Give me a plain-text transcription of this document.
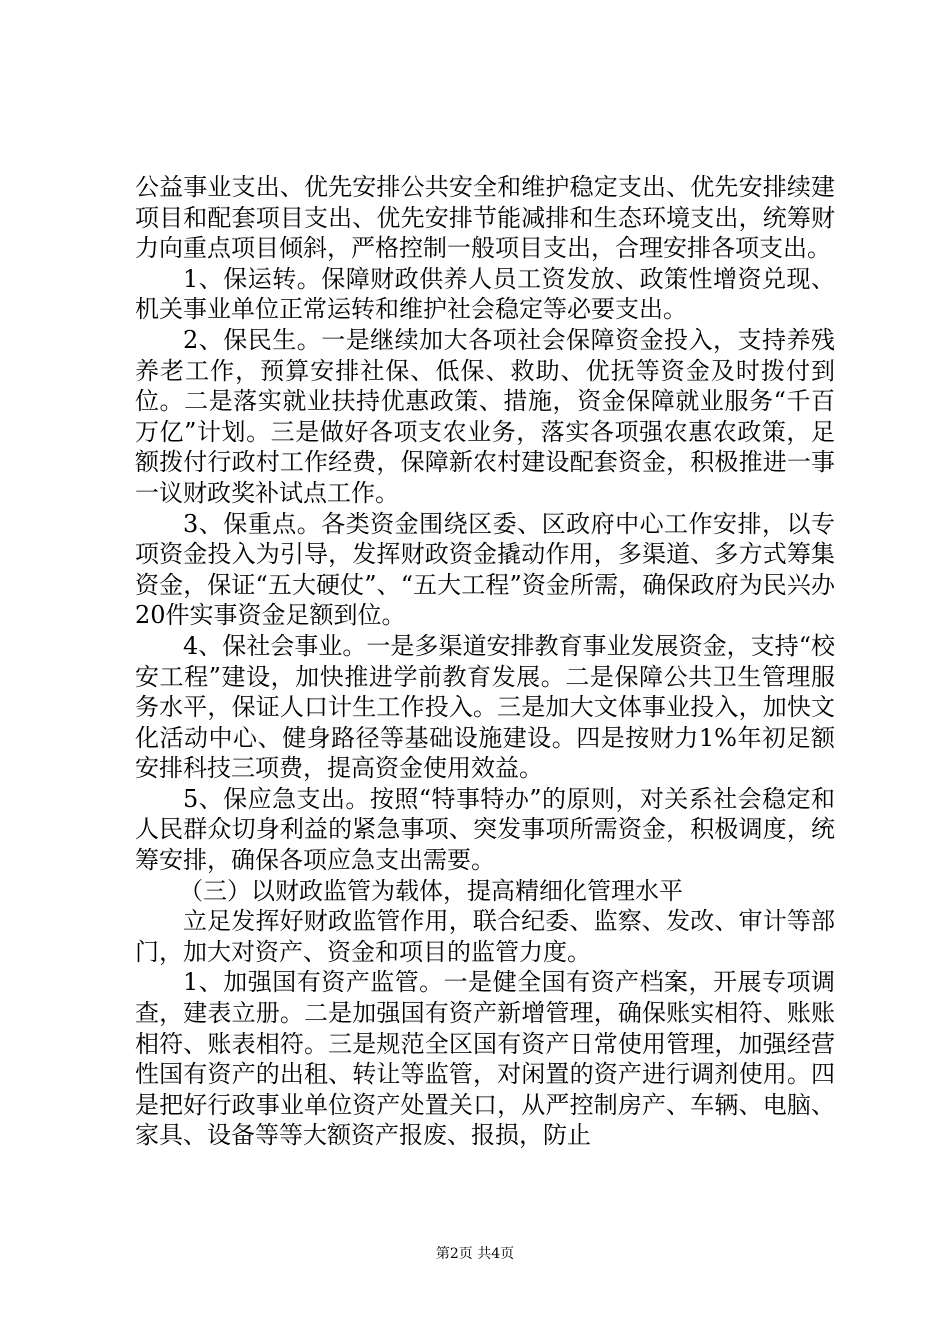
公益事业支出、优先安排公共安全和维护稳定支出、优先安排续建项目和配套项目支出、优先安排节能减排和生态环境支出，统筹财力向重点项目倾斜，严格控制一般项目支出，合理安排各项支出。

1、保运转。保障财政供养人员工资发放、政策性增资兑现、机关事业单位正常运转和维护社会稳定等必要支出。

2、保民生。一是继续加大各项社会保障资金投入，支持养残养老工作，预算安排社保、低保、救助、优抚等资金及时拨付到位。二是落实就业扶持优惠政策、措施，资金保障就业服务“千百万亿”计划。三是做好各项支农业务，落实各项强农惠农政策，足额拨付行政村工作经费，保障新农村建设配套资金，积极推进一事一议财政奖补试点工作。

3、保重点。各类资金围绕区委、区政府中心工作安排，以专项资金投入为引导，发挥财政资金撬动作用，多渠道、多方式筹集资金，保证“五大硬仗”、“五大工程”资金所需，确保政府为民兴办20件实事资金足额到位。

4、保社会事业。一是多渠道安排教育事业发展资金，支持“校安工程”建设，加快推进学前教育发展。二是保障公共卫生管理服务水平，保证人口计生工作投入。三是加大文体事业投入，加快文化活动中心、健身路径等基础设施建设。四是按财力1%年初足额安排科技三项费，提高资金使用效益。

5、保应急支出。按照“特事特办”的原则，对关系社会稳定和人民群众切身利益的紧急事项、突发事项所需资金，积极调度，统筹安排，确保各项应急支出需要。

（三）以财政监管为载体，提高精细化管理水平

立足发挥好财政监管作用，联合纪委、监察、发改、审计等部门，加大对资产、资金和项目的监管力度。

1、加强国有资产监管。一是健全国有资产档案，开展专项调查，建表立册。二是加强国有资产新增管理，确保账实相符、账账相符、账表相符。三是规范全区国有资产日常使用管理，加强经营性国有资产的出租、转让等监管，对闲置的资产进行调剂使用。四是把好行政事业单位资产处置关口，从严控制房产、车辆、电脑、家具、设备等等大额资产报废、报损，防止

第2页 共4页
